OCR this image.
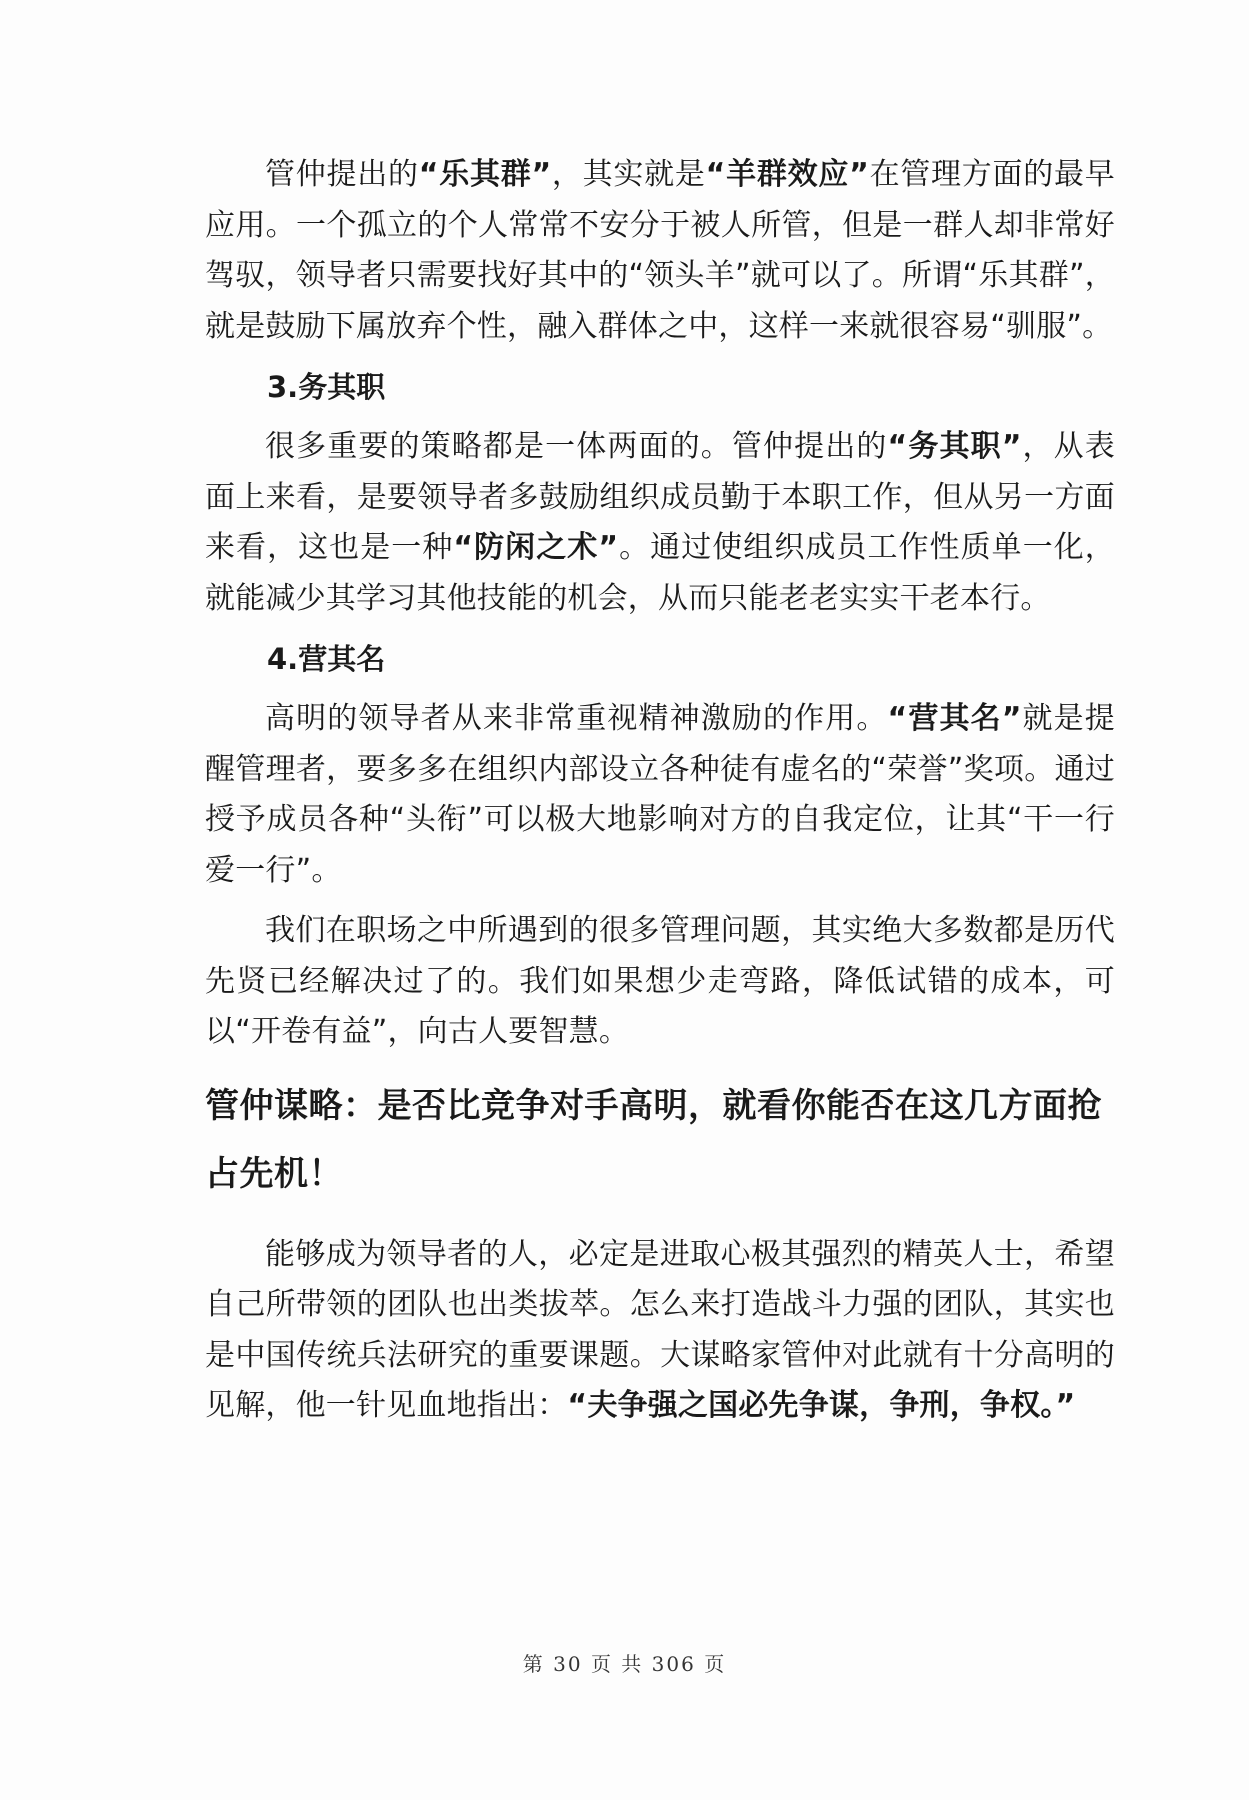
管仲提出的“乐其群”，其实就是“羊群效应”在管理方面的最早应用。一个孤立的个人常常不安分于被人所管，但是一群人却非常好驾驭，领导者只需要找好其中的“领头羊”就可以了。所谓“乐其群”，就是鼓励下属放弃个性，融入群体之中，这样一来就很容易“驯服”。

3.务其职

很多重要的策略都是一体两面的。管仲提出的“务其职”，从表面上来看，是要领导者多鼓励组织成员勤于本职工作，但从另一方面来看，这也是一种“防闲之术”。通过使组织成员工作性质单一化，就能减少其学习其他技能的机会，从而只能老老实实干老本行。

4.营其名

高明的领导者从来非常重视精神激励的作用。“营其名”就是提醒管理者，要多多在组织内部设立各种徒有虚名的“荣誉”奖项。通过授予成员各种“头衔”可以极大地影响对方的自我定位，让其“干一行爱一行”。

我们在职场之中所遇到的很多管理问题，其实绝大多数都是历代先贤已经解决过了的。我们如果想少走弯路，降低试错的成本，可以“开卷有益”，向古人要智慧。

管仲谋略：是否比竞争对手高明，就看你能否在这几方面抢占先机！

能够成为领导者的人，必定是进取心极其强烈的精英人士，希望自己所带领的团队也出类拔萃。怎么来打造战斗力强的团队，其实也是中国传统兵法研究的重要课题。大谋略家管仲对此就有十分高明的见解，他一针见血地指出：“夫争强之国必先争谋，争刑，争权。”

第 30 页 共 306 页
